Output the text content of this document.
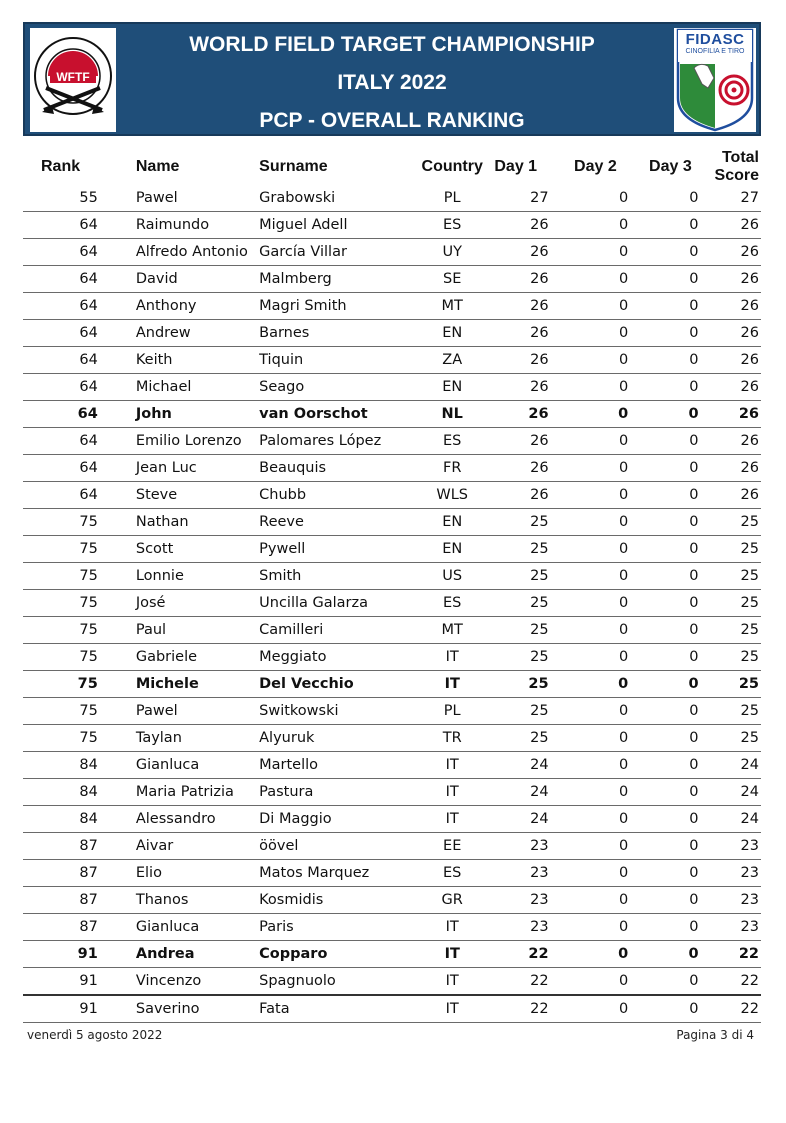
WFTF
WORLD FIELD TARGET CHAMPIONSHIP
ITALY 2022
PCP - OVERALL RANKING
FIDASC
CINOFILIA E TIRO
Rank	Name	Surname	Country	Day 1	Day 2	Day 3	Total Score
55	Pawel	Grabowski	PL	27	0	0	27
64	Raimundo	Miguel Adell	ES	26	0	0	26
64	Alfredo Antonio	García Villar	UY	26	0	0	26
64	David	Malmberg	SE	26	0	0	26
64	Anthony	Magri Smith	MT	26	0	0	26
64	Andrew	Barnes	EN	26	0	0	26
64	Keith	Tiquin	ZA	26	0	0	26
64	Michael	Seago	EN	26	0	0	26
64	John	van Oorschot	NL	26	0	0	26
64	Emilio Lorenzo	Palomares López	ES	26	0	0	26
64	Jean Luc	Beauquis	FR	26	0	0	26
64	Steve	Chubb	WLS	26	0	0	26
75	Nathan	Reeve	EN	25	0	0	25
75	Scott	Pywell	EN	25	0	0	25
75	Lonnie	Smith	US	25	0	0	25
75	José	Uncilla Galarza	ES	25	0	0	25
75	Paul	Camilleri	MT	25	0	0	25
75	Gabriele	Meggiato	IT	25	0	0	25
75	Michele	Del Vecchio	IT	25	0	0	25
75	Pawel	Switkowski	PL	25	0	0	25
75	Taylan	Alyuruk	TR	25	0	0	25
84	Gianluca	Martello	IT	24	0	0	24
84	Maria Patrizia	Pastura	IT	24	0	0	24
84	Alessandro	Di Maggio	IT	24	0	0	24
87	Aivar	öövel	EE	23	0	0	23
87	Elio	Matos Marquez	ES	23	0	0	23
87	Thanos	Kosmidis	GR	23	0	0	23
87	Gianluca	Paris	IT	23	0	0	23
91	Andrea	Copparo	IT	22	0	0	22
91	Vincenzo	Spagnuolo	IT	22	0	0	22
91	Saverino	Fata	IT	22	0	0	22
venerdì 5 agosto 2022	Pagina 3 di 4
